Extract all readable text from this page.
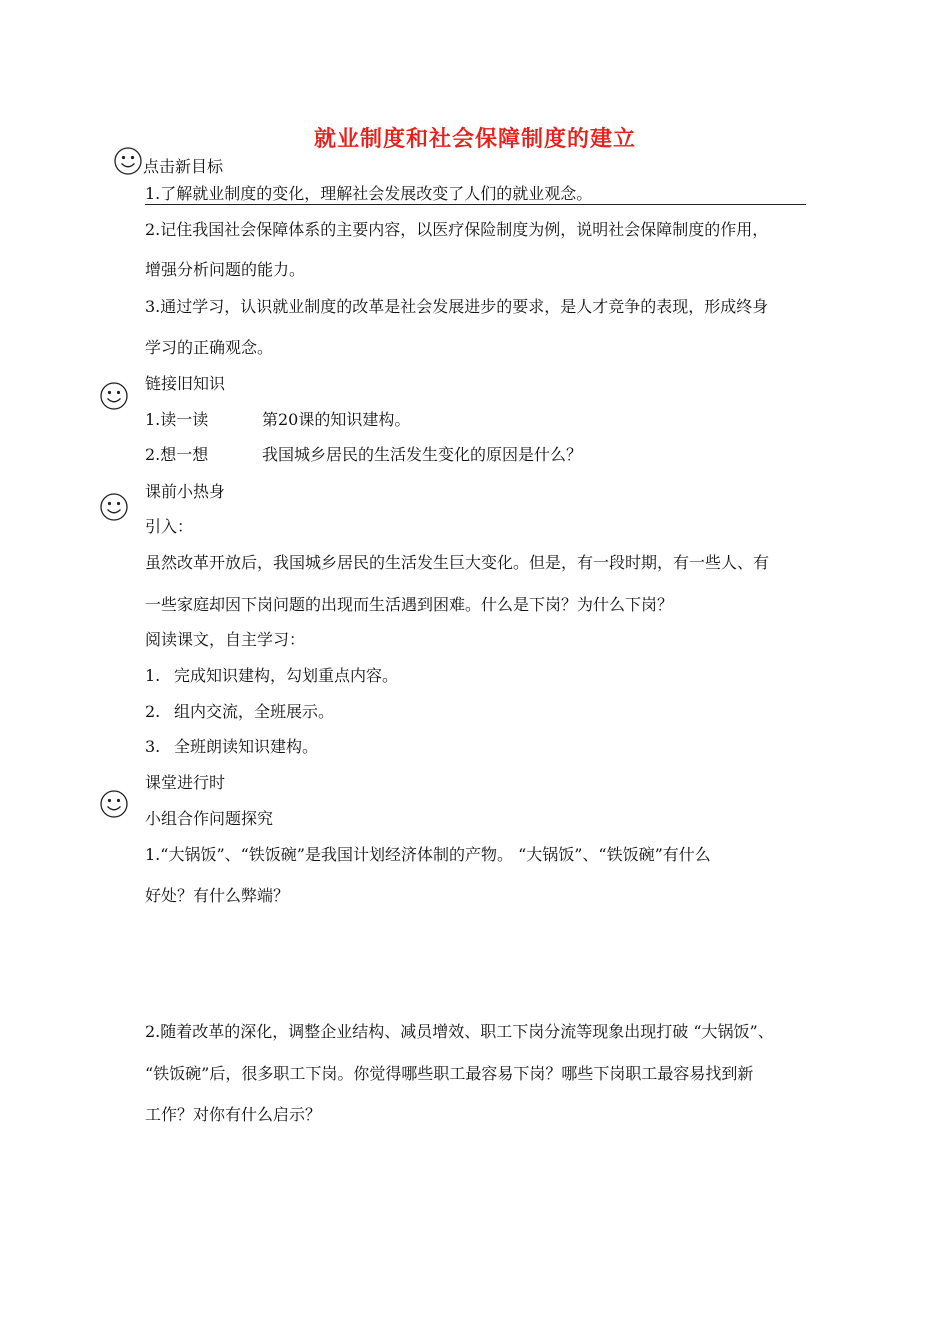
就业制度和社会保障制度的建立
点击新目标
1.了解就业制度的变化，理解社会发展改变了人们的就业观念。
2.记住我国社会保障体系的主要内容，以医疗保险制度为例，说明社会保障制度的作用，
增强分析问题的能力。
3.通过学习，认识就业制度的改革是社会发展进步的要求，是人才竞争的表现，形成终身
学习的正确观念。
链接旧知识
1.读一读	第20课的知识建构。
2.想一想	我国城乡居民的生活发生变化的原因是什么？
课前小热身
引入：
虽然改革开放后，我国城乡居民的生活发生巨大变化。但是，有一段时期，有一些人、有
一些家庭却因下岗问题的出现而生活遇到困难。什么是下岗？为什么下岗？
阅读课文，自主学习：
1. 完成知识建构，勾划重点内容。
2. 组内交流，全班展示。
3. 全班朗读知识建构。
课堂进行时
小组合作问题探究
1.“大锅饭”、“铁饭碗”是我国计划经济体制的产物。 “大锅饭”、“铁饭碗”有什么
好处？有什么弊端？
2.随着改革的深化，调整企业结构、减员增效、职工下岗分流等现象出现打破 “大锅饭”、
“铁饭碗”后，很多职工下岗。你觉得哪些职工最容易下岗？哪些下岗职工最容易找到新
工作？对你有什么启示？
